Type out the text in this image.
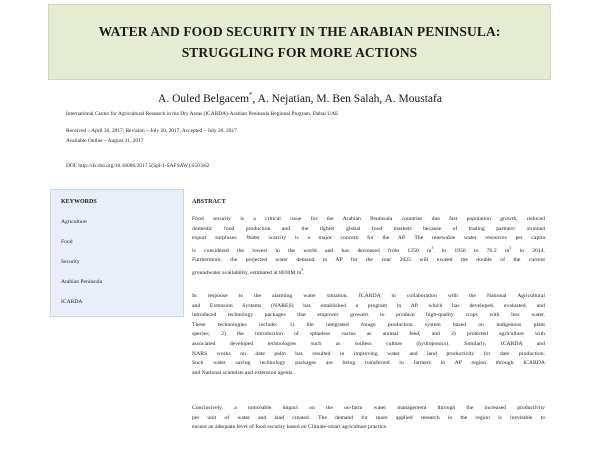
WATER AND FOOD SECURITY IN THE ARABIAN PENINSULA: STRUGGLING FOR MORE ACTIONS
A. Ouled Belgacem*, A. Nejatian, M. Ben Salah, A. Moustafa
International Center for Agricultural Research in the Dry Areas (ICARDA)-Arabian Peninsula Regional Program, Dubai UAE
Received – April 30, 2017; Revision – July 20, 2017; Accepted – July 26, 2017
Available Online – August 31, 2017
DOI: http://dx.doi.org/10.18006/2017.5(Spl-1-SAFSAW).S50.S62
KEYWORDS
Agriculture
Food
Security
Arabian Peninsula
ICARDA
ABSTRACT
Food security is a critical issue for the Arabian Peninsula countries due fast population growth, reduced
domestic food production and the tighter global food markets because of trading partners' strained
export surpluses. Water scarcity is a major concern for the AP. The renewable water resources per capita
is considered the lowest in the world and has decreased from 1250 $m^3$ in 1950 to 76.2 $m^3$ in 2014.
Furthermore, the projected water demand in AP for the year 2025 will exceed the double of the current
groundwater availability, estimated at 8030M $m^3$.
In response to the alarming water situation, ICARDA in collaboration with the National Agricultural
and Extension Systems (NARES) has established a program in AP, which has developed, evaluated, and
introduced technology packages that empower growers to produce high-quality crops with less water.
These technologies include: 1) the integrated forage production system based on indigenous plant
species; 2) the introduction of spineless cactus as animal feed; and 3) protected agriculture with
associated developed technologies such as soilless culture (hydroponics). Similarly, ICARDA and
NARS works on date palm has resulted in improving water and land productivity for date production.
Such water saving technology packages are being transferred to farmers in AP region through ICARDA
and National scientists and extension agents.
Conclusively, a noticeable impact on the on-farm water management through the increased productivity
per unit of water and land created. The demand for more applied research in the region is inevitable to
ensure an adequate level of food security based on Climate-smart agriculture practice.
